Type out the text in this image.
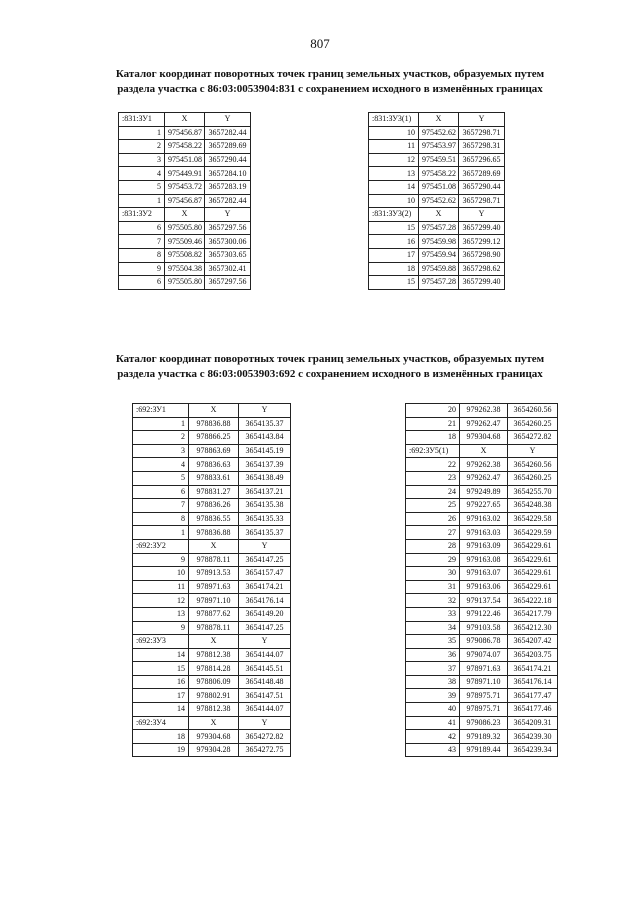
807
Каталог координат поворотных точек границ земельных участков, образуемых путем
раздела участка с 86:03:0053904:831 с сохранением исходного в изменённых границах
:831:ЗУ1	X	Y
1	975456.87	3657282.44
2	975458.22	3657289.69
3	975451.08	3657290.44
4	975449.91	3657284.10
5	975453.72	3657283.19
1	975456.87	3657282.44
:831:ЗУ2	X	Y
6	975505.80	3657297.56
7	975509.46	3657300.06
8	975508.82	3657303.65
9	975504.38	3657302.41
6	975505.80	3657297.56
:831:ЗУ3(1)	X	Y
10	975452.62	3657298.71
11	975453.97	3657298.31
12	975459.51	3657296.65
13	975458.22	3657289.69
14	975451.08	3657290.44
10	975452.62	3657298.71
:831:ЗУ3(2)	X	Y
15	975457.28	3657299.40
16	975459.98	3657299.12
17	975459.94	3657298.90
18	975459.88	3657298.62
15	975457.28	3657299.40
Каталог координат поворотных точек границ земельных участков, образуемых путем
раздела участка с 86:03:0053903:692 с сохранением исходного в изменённых границах
:692:ЗУ1	X	Y
1	978836.88	3654135.37
2	978866.25	3654143.84
3	978863.69	3654145.19
4	978836.63	3654137.39
5	978833.61	3654138.49
6	978831.27	3654137.21
7	978836.26	3654135.38
8	978836.55	3654135.33
1	978836.88	3654135.37
:692:ЗУ2	X	Y
9	978878.11	3654147.25
10	978913.53	3654157.47
11	978971.63	3654174.21
12	978971.10	3654176.14
13	978877.62	3654149.20
9	978878.11	3654147.25
:692:ЗУ3	X	Y
14	978812.38	3654144.07
15	978814.28	3654145.51
16	978806.09	3654148.48
17	978802.91	3654147.51
14	978812.38	3654144.07
:692:ЗУ4	X	Y
18	979304.68	3654272.82
19	979304.28	3654272.75
20	979262.38	3654260.56
21	979262.47	3654260.25
18	979304.68	3654272.82
:692:ЗУ5(1)	X	Y
22	979262.38	3654260.56
23	979262.47	3654260.25
24	979249.89	3654255.70
25	979227.65	3654248.38
26	979163.02	3654229.58
27	979163.03	3654229.59
28	979163.09	3654229.61
29	979163.08	3654229.61
30	979163.07	3654229.61
31	979163.06	3654229.61
32	979137.54	3654222.18
33	979122.46	3654217.79
34	979103.58	3654212.30
35	979086.78	3654207.42
36	979074.07	3654203.75
37	978971.63	3654174.21
38	978971.10	3654176.14
39	978975.71	3654177.47
40	978975.71	3654177.46
41	979086.23	3654209.31
42	979189.32	3654239.30
43	979189.44	3654239.34
